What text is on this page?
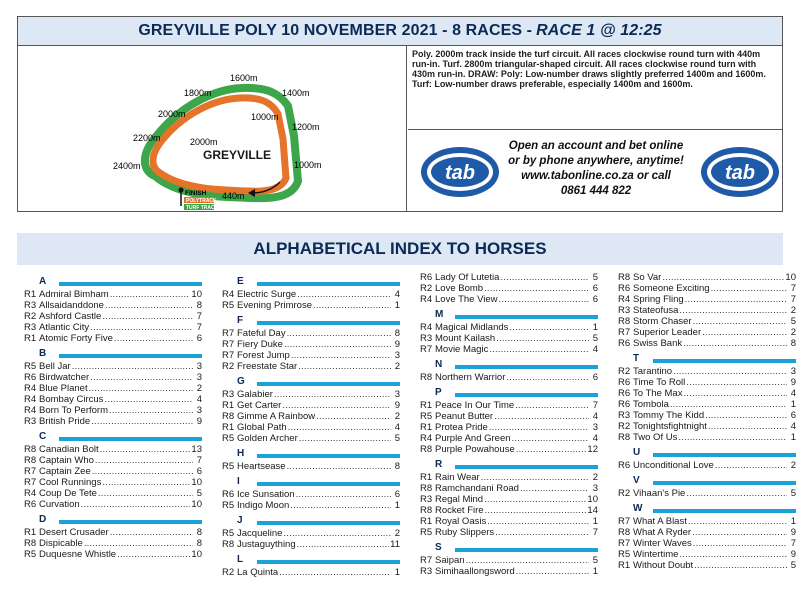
GREYVILLE POLY 10 NOVEMBER 2021 - 8 RACES - RACE 1 @ 12:25
GREYVILLE
1600m
1800m	1400m
2000m	1000m
1200m
2200m	2000m
1000m
2400m
440m
FINISH
POLYTRACK
TURF TRACK
Poly. 2000m track inside the turf circuit. All races clockwise round turn with 440m run-in. Turf. 2800m triangular-shaped circuit. All races clockwise round turn with 430m run-in. DRAW: Poly: Low-number draws slightly preferred 1400m and 1600m. Turf: Low-number draws preferable, especially 1400m and 1600m.
tab
Open an account and bet online
or by phone anywhere, anytime!
www.tabonline.co.za or call
0861 444 822
tab
ALPHABETICAL INDEX TO HORSES
A
R1 Admiral Bimham .....	10
R3 Allsaidanddone .....	8
R2 Ashford Castle .....	7
R3 Atlantic City .....	7
R1 Atomic Forty Five .....	6
B
R5 Bell Jar .....	3
R6 Birdwatcher .....	3
R4 Blue Planet .....	2
R4 Bombay Circus .....	4
R4 Born To Perform .....	3
R3 British Pride .....	9
C
R8 Canadian Bolt .....	13
R8 Captain Who .....	7
R7 Captain Zee .....	6
R7 Cool Runnings .....	10
R4 Coup De Tete .....	5
R6 Curvation .....	10
D
R1 Desert Crusader .....	8
R8 Dispicable .....	8
R5 Duquesne Whistle .....	10
E
R4 Electric Surge .....	4
R5 Evening Primrose .....	1
F
R7 Fateful Day .....	8
R7 Fiery Duke .....	9
R7 Forest Jump .....	3
R2 Freestate Star .....	2
G
R3 Galabier .....	3
R1 Get Carter .....	9
R8 Gimme A Rainbow .....	2
R1 Global Path .....	4
R5 Golden Archer .....	5
H
R5 Heartsease .....	8
I
R6 Ice Sunsation .....	6
R5 Indigo Moon .....	1
J
R5 Jacqueline .....	2
R8 Justaguything .....	11
L
R2 La Quinta .....	1
R6 Lady Of Lutetia .....	5
R2 Love Bomb .....	6
R4 Love The View .....	6
M
R4 Magical Midlands .....	1
R3 Mount Kailash .....	5
R7 Movie Magic .....	4
N
R8 Northern Warrior .....	6
P
R1 Peace In Our Time .....	7
R5 Peanut Butter .....	4
R1 Protea Pride .....	3
R4 Purple And Green .....	4
R8 Purple Powahouse .....	12
R
R1 Rain Wear .....	2
R8 Ramchandani Road .....	3
R3 Regal Mind .....	10
R8 Rocket Fire .....	14
R1 Royal Oasis .....	1
R5 Ruby Slippers .....	7
S
R7 Saipan .....	5
R3 Simihaallongsword .....	1
R8 So Var .....	10
R6 Someone Exciting .....	7
R4 Spring Fling .....	7
R3 Stateofusa .....	2
R8 Storm Chaser .....	5
R7 Superior Leader .....	2
R6 Swiss Bank .....	8
T
R2 Tarantino .....	3
R6 Time To Roll .....	9
R6 To The Max .....	4
R6 Tombola .....	1
R3 Tommy The Kidd .....	6
R2 Tonightsfightnight .....	4
R8 Two Of Us .....	1
U
R6 Unconditional Love .....	2
V
R2 Vihaan's Pie .....	5
W
R7 What A Blast .....	1
R8 What A Ryder .....	9
R7 Winter Waves .....	7
R5 Wintertime .....	9
R1 Without Doubt .....	5
